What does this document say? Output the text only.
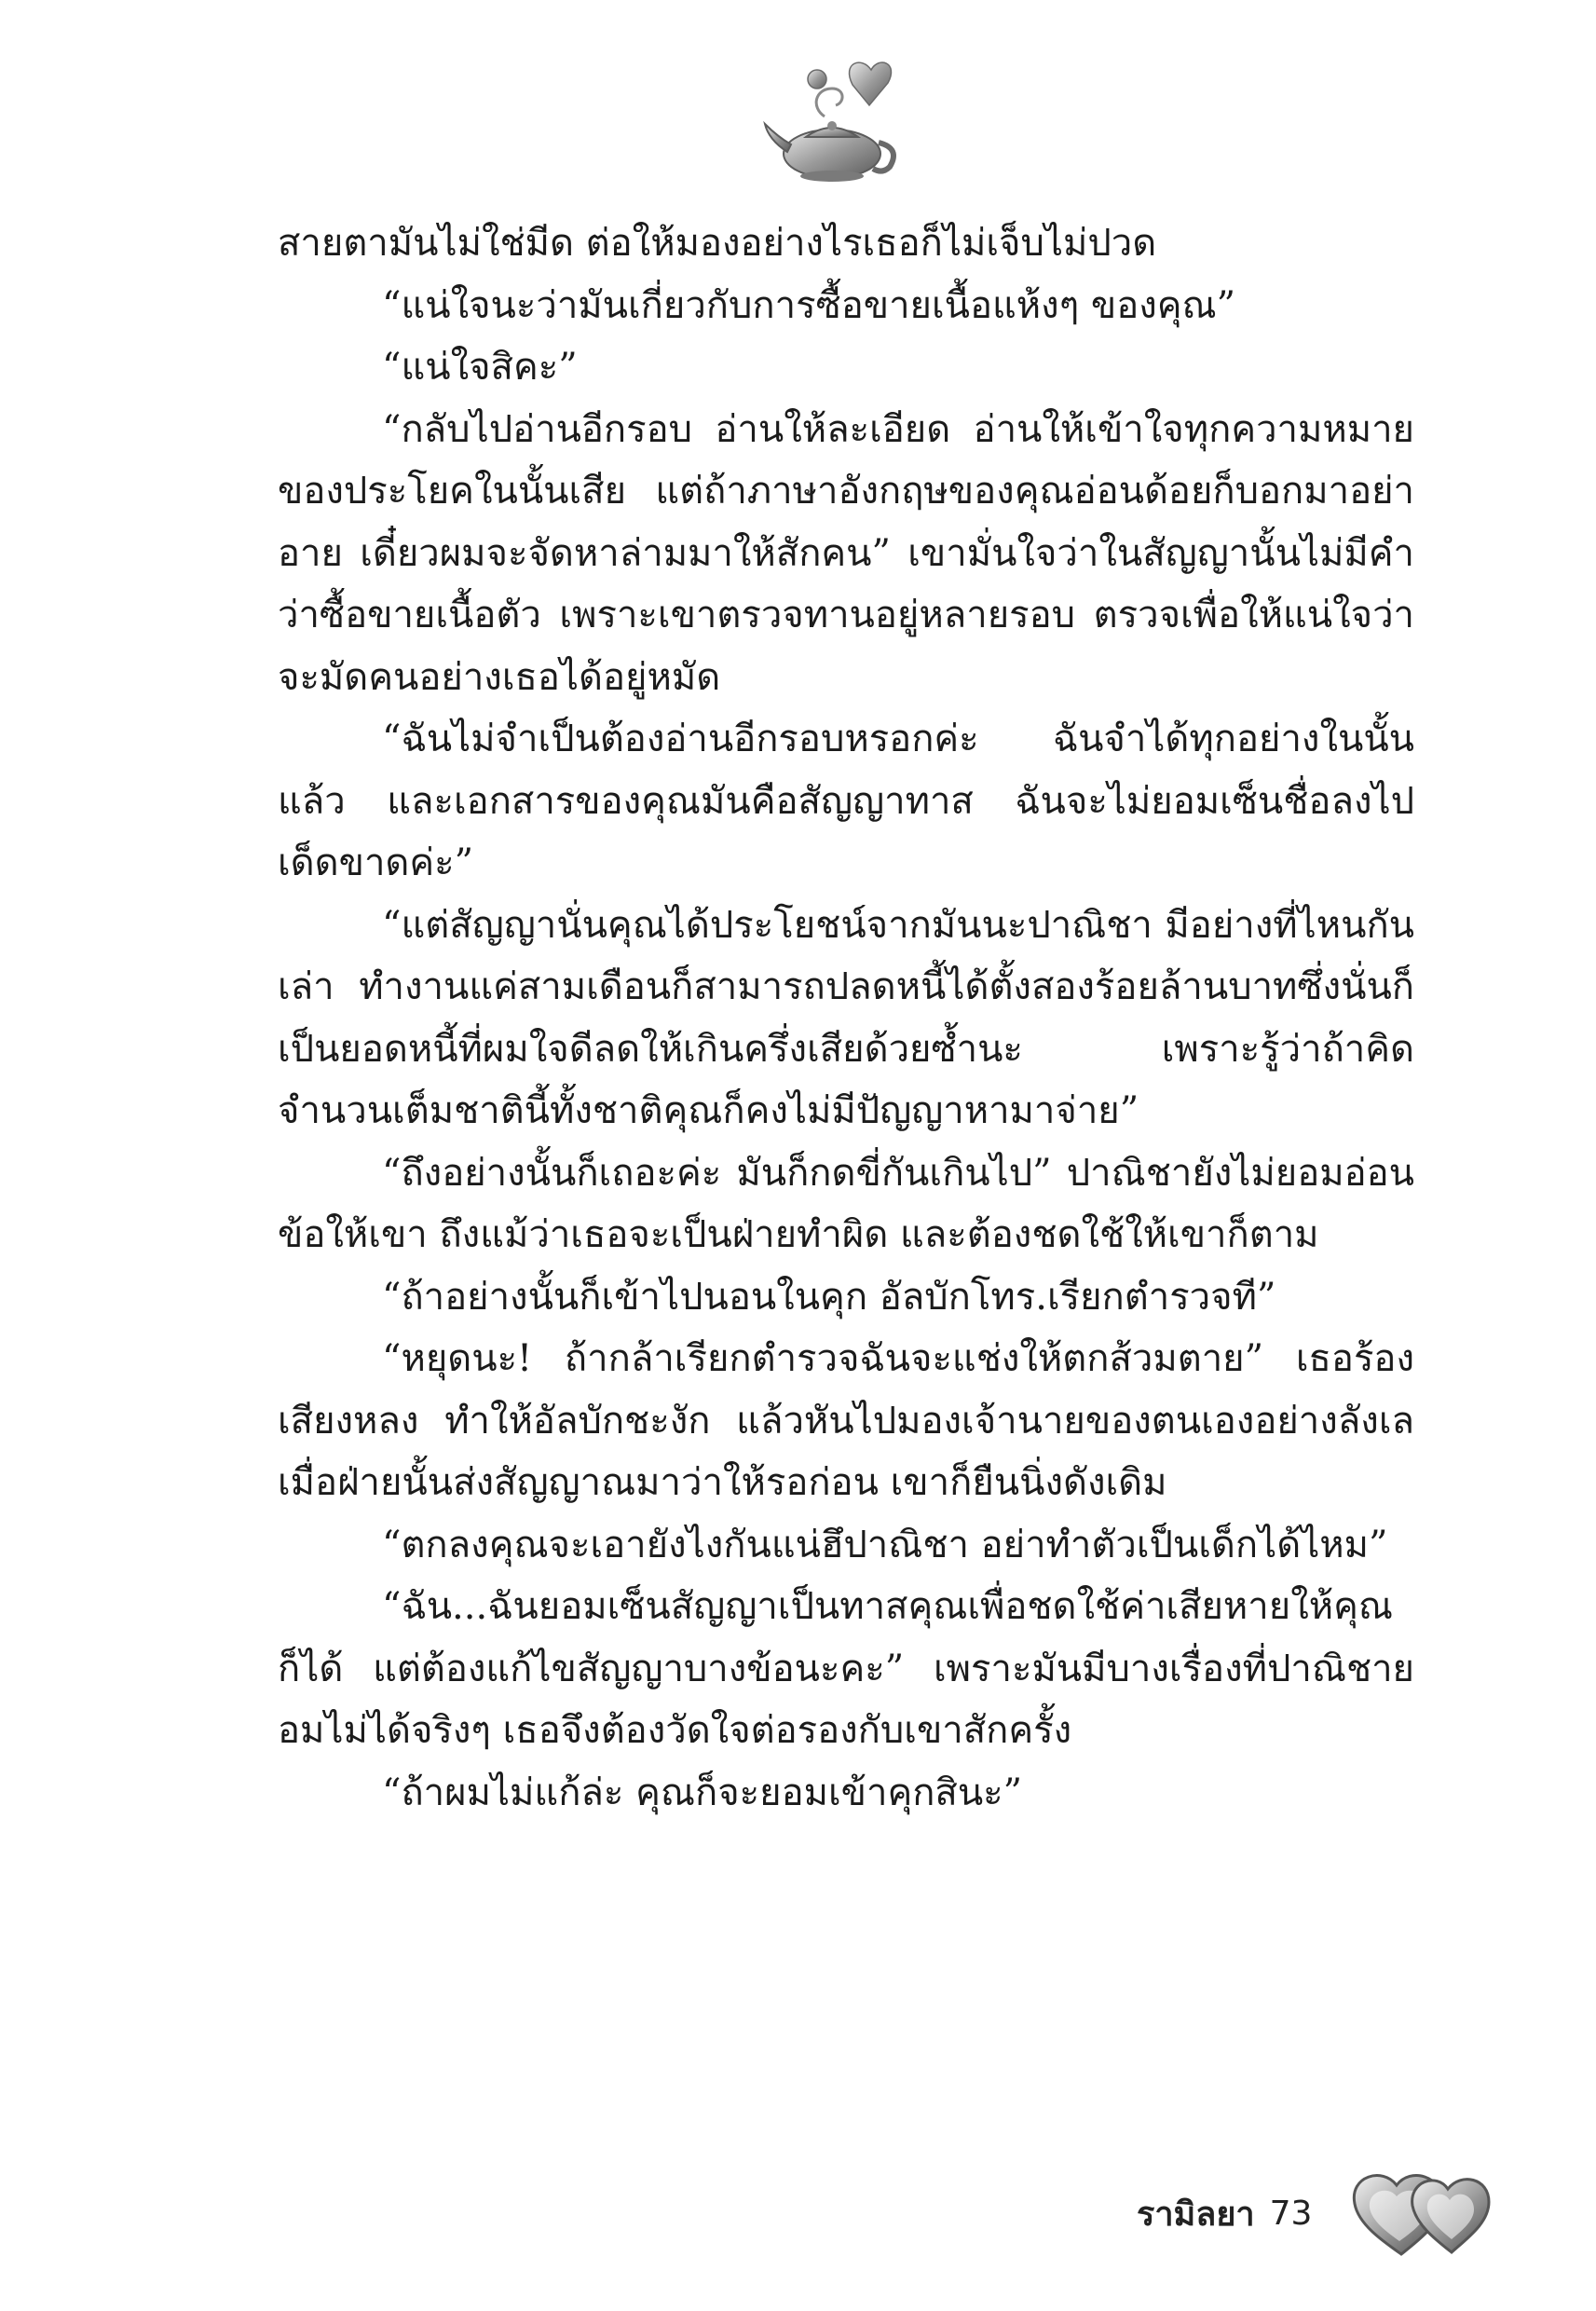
สายตามันไม่ใช่มีด ต่อให้มองอย่างไรเธอก็ไม่เจ็บไม่ปวด

“แน่ใจนะว่ามันเกี่ยวกับการซื้อขายเนื้อแห้งๆ ของคุณ”

“แน่ใจสิคะ”

“กลับไปอ่านอีกรอบ อ่านให้ละเอียด อ่านให้เข้าใจทุกความหมายของประโยคในนั้นเสีย แต่ถ้าภาษาอังกฤษของคุณอ่อนด้อยก็บอกมาอย่าอาย เดี๋ยวผมจะจัดหาล่ามมาให้สักคน” เขามั่นใจว่าในสัญญานั้นไม่มีคำว่าซื้อขายเนื้อตัว เพราะเขาตรวจทานอยู่หลายรอบ ตรวจเพื่อให้แน่ใจว่าจะมัดคนอย่างเธอได้อยู่หมัด

“ฉันไม่จำเป็นต้องอ่านอีกรอบหรอกค่ะ ฉันจำได้ทุกอย่างในนั้นแล้ว และเอกสารของคุณมันคือสัญญาทาส ฉันจะไม่ยอมเซ็นชื่อลงไปเด็ดขาดค่ะ”

“แต่สัญญานั่นคุณได้ประโยชน์จากมันนะปาณิชา มีอย่างที่ไหนกันเล่า ทำงานแค่สามเดือนก็สามารถปลดหนี้ได้ตั้งสองร้อยล้านบาทซึ่งนั่นก็เป็นยอดหนี้ที่ผมใจดีลดให้เกินครึ่งเสียด้วยซ้ำนะ เพราะรู้ว่าถ้าคิดจำนวนเต็มชาตินี้ทั้งชาติคุณก็คงไม่มีปัญญาหามาจ่าย”

“ถึงอย่างนั้นก็เถอะค่ะ มันก็กดขี่กันเกินไป” ปาณิชายังไม่ยอมอ่อนข้อให้เขา ถึงแม้ว่าเธอจะเป็นฝ่ายทำผิด และต้องชดใช้ให้เขาก็ตาม

“ถ้าอย่างนั้นก็เข้าไปนอนในคุก อัลบักโทร.เรียกตำรวจที”

“หยุดนะ! ถ้ากล้าเรียกตำรวจฉันจะแช่งให้ตกส้วมตาย” เธอร้องเสียงหลง ทำให้อัลบักชะงัก แล้วหันไปมองเจ้านายของตนเองอย่างลังเลเมื่อฝ่ายนั้นส่งสัญญาณมาว่าให้รอก่อน เขาก็ยืนนิ่งดังเดิม

“ตกลงคุณจะเอายังไงกันแน่ฮึปาณิชา อย่าทำตัวเป็นเด็กได้ไหม”

“ฉัน...ฉันยอมเซ็นสัญญาเป็นทาสคุณเพื่อชดใช้ค่าเสียหายให้คุณก็ได้ แต่ต้องแก้ไขสัญญาบางข้อนะคะ” เพราะมันมีบางเรื่องที่ปาณิชายอมไม่ได้จริงๆ เธอจึงต้องวัดใจต่อรองกับเขาสักครั้ง

“ถ้าผมไม่แก้ล่ะ คุณก็จะยอมเข้าคุกสินะ”

รามิลยา 73
